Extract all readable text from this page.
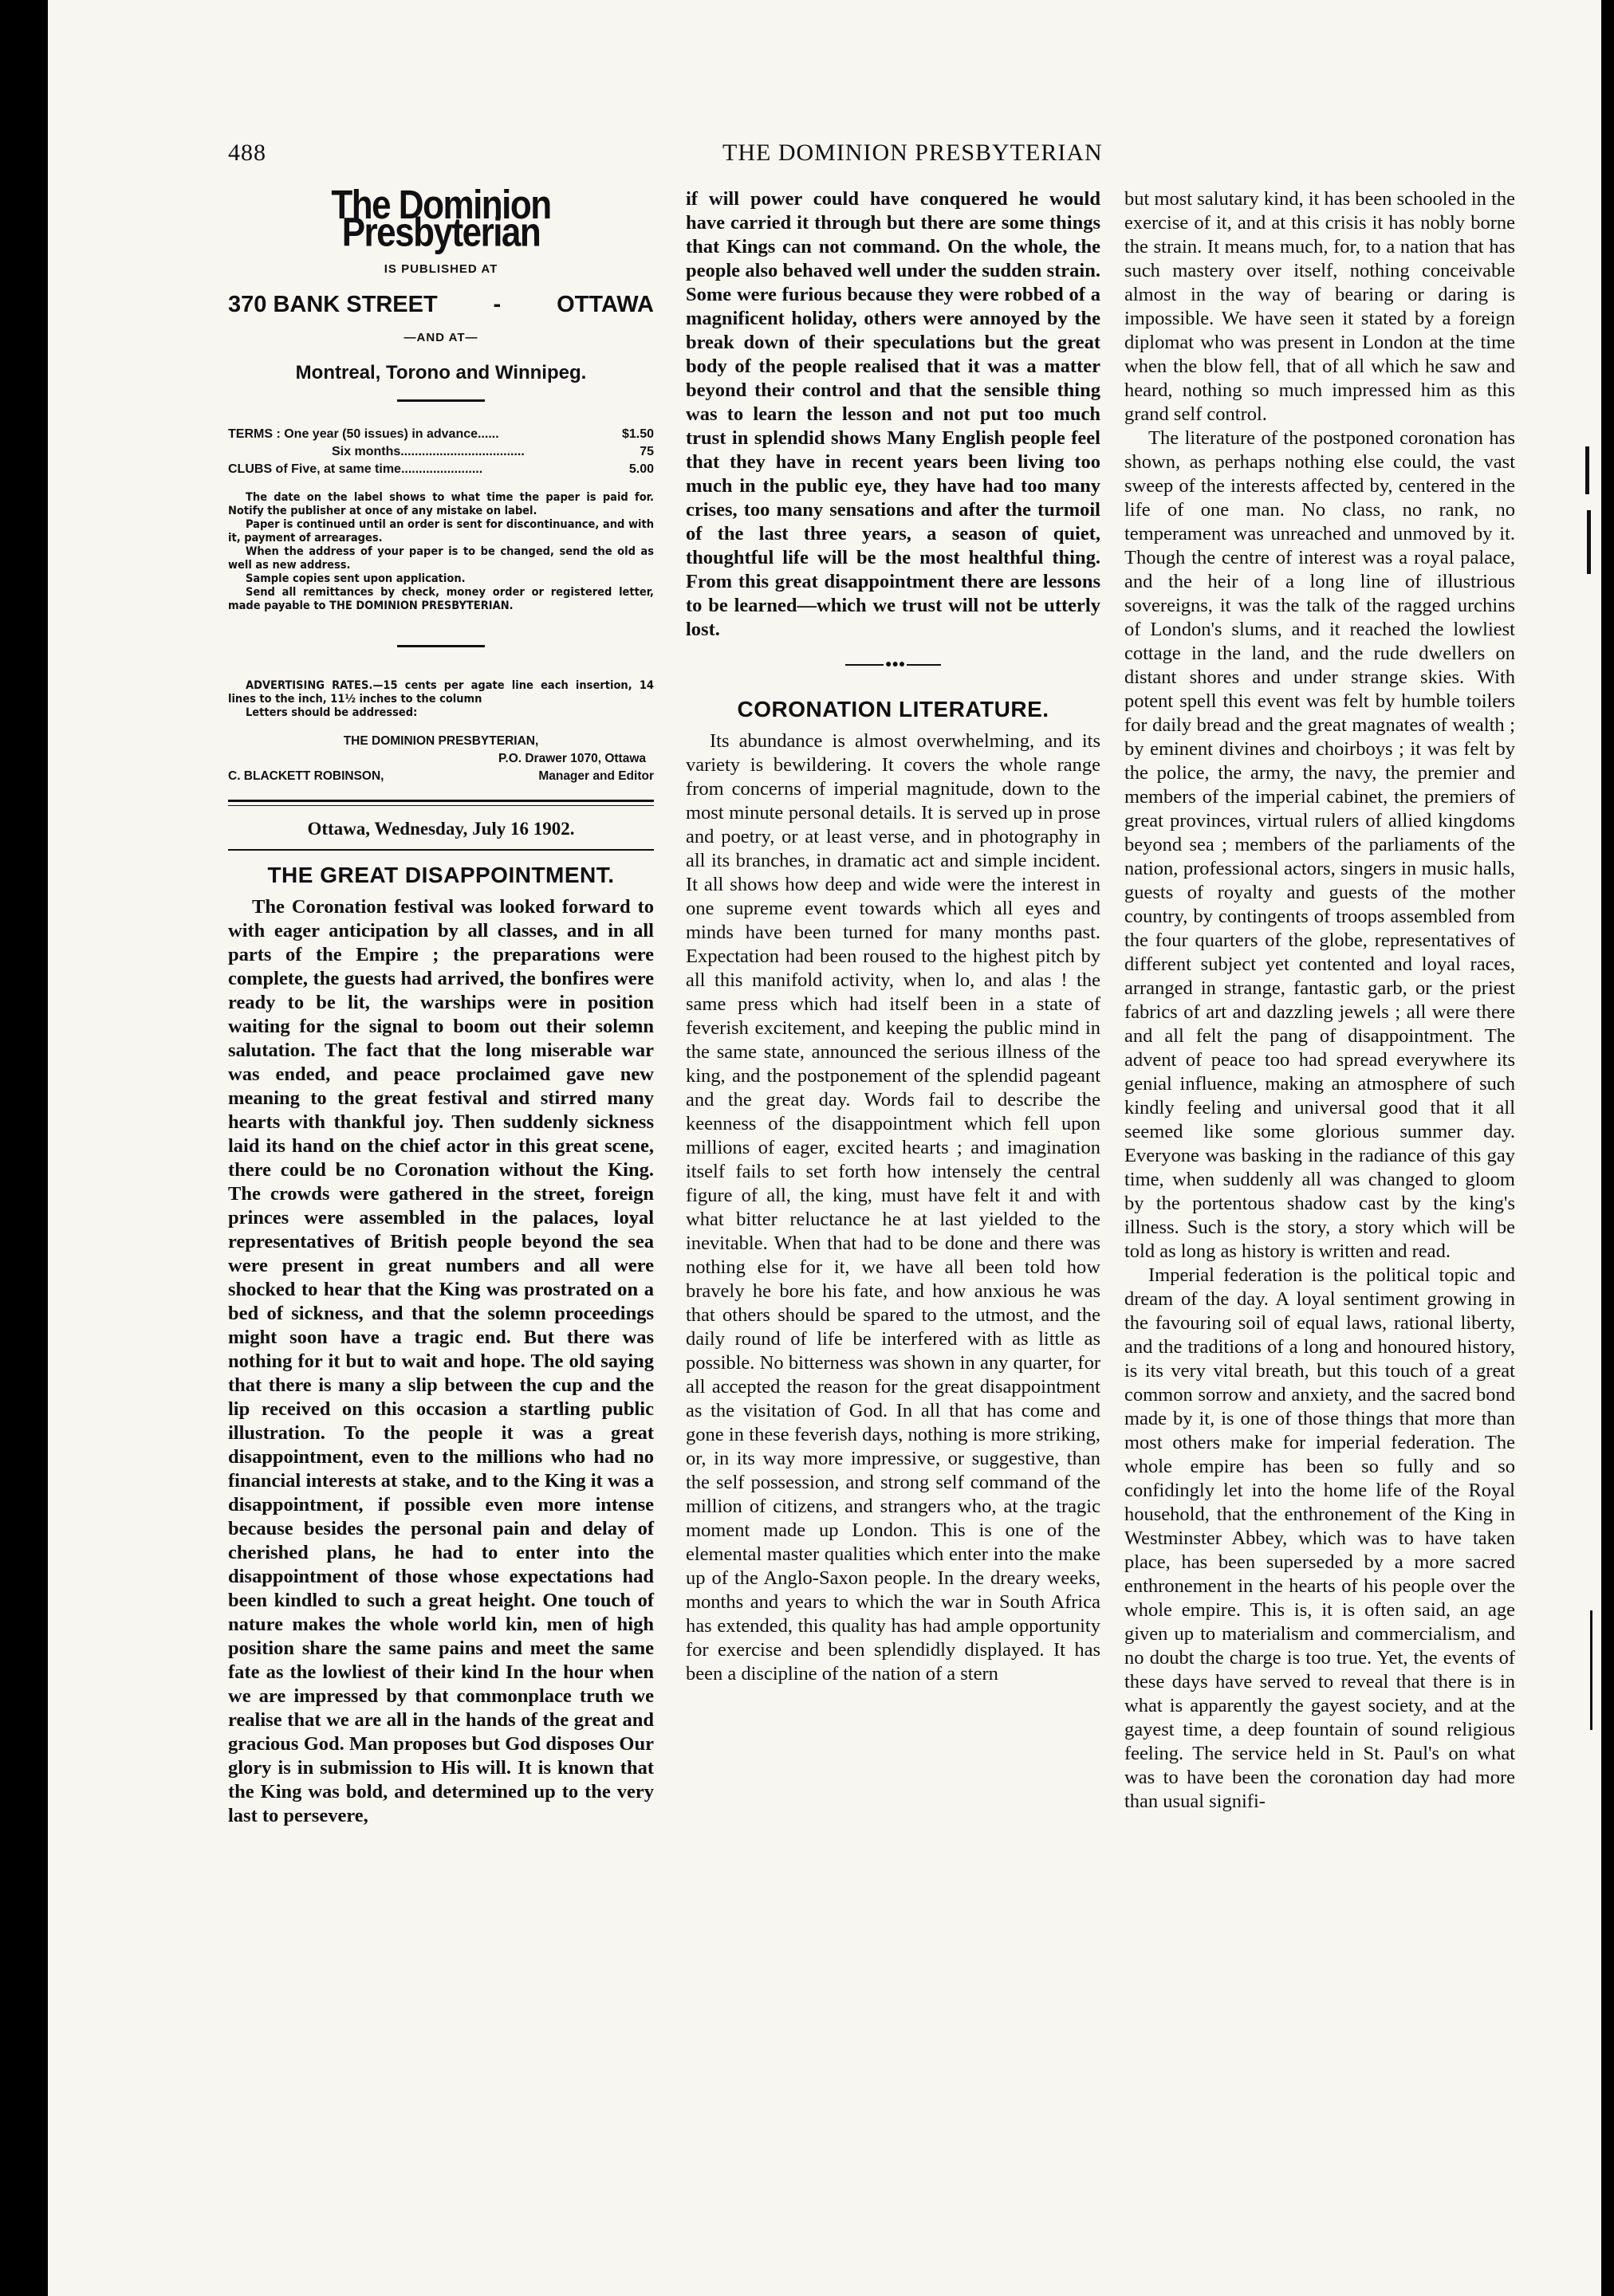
488	THE DOMINION PRESBYTERIAN
The Dominion Presbyterian
IS PUBLISHED AT
370 BANK STREET - OTTAWA
—AND AT—
Montreal, Torono and Winnipeg.
TERMS : One year (50 issues) in advance......	$1.50
Six months...................................	75
CLUBS of Five, at same time.......................	5.00
The date on the label shows to what time the paper is paid for. Notify the publisher at once of any mistake on label.
Paper is continued until an order is sent for discontinuance, and with it, payment of arrearages.
When the address of your paper is to be changed, send the old as well as new address.
Sample copies sent upon application.
Send all remittances by check, money order or registered letter, made payable to THE DOMINION PRESBYTERIAN.
ADVERTISING RATES.—15 cents per agate line each insertion, 14 lines to the inch, 11½ inches to the column
Letters should be addressed:
THE DOMINION PRESBYTERIAN,
P.O. Drawer 1070, Ottawa
C. BLACKETT ROBINSON,	Manager and Editor
Ottawa, Wednesday, July 16 1902.
THE GREAT DISAPPOINTMENT.

The Coronation festival was looked forward to with eager anticipation by all classes, and in all parts of the Empire ; the preparations were complete, the guests had arrived, the bonfires were ready to be lit, the warships were in position waiting for the signal to boom out their solemn salutation. The fact that the long miserable war was ended, and peace proclaimed gave new meaning to the great festival and stirred many hearts with thankful joy. Then suddenly sickness laid its hand on the chief actor in this great scene, there could be no Coronation without the King. The crowds were gathered in the street, foreign princes were assembled in the palaces, loyal representatives of British people beyond the sea were present in great numbers and all were shocked to hear that the King was prostrated on a bed of sickness, and that the solemn proceedings might soon have a tragic end. But there was nothing for it but to wait and hope. The old saying that there is many a slip between the cup and the lip received on this occasion a startling public illustration. To the people it was a great disappointment, even to the millions who had no financial interests at stake, and to the King it was a disappointment, if possible even more intense because besides the personal pain and delay of cherished plans, he had to enter into the disappointment of those whose expectations had been kindled to such a great height. One touch of nature makes the whole world kin, men of high position share the same pains and meet the same fate as the lowliest of their kind In the hour when we are impressed by that commonplace truth we realise that we are all in the hands of the great and gracious God. Man proposes but God disposes Our glory is in submission to His will. It is known that the King was bold, and determined up to the very last to persevere,

if will power could have conquered he would have carried it through but there are some things that Kings can not command. On the whole, the people also behaved well under the sudden strain. Some were furious because they were robbed of a magnificent holiday, others were annoyed by the break down of their speculations but the great body of the people realised that it was a matter beyond their control and that the sensible thing was to learn the lesson and not put too much trust in splendid shows Many English people feel that they have in recent years been living too much in the public eye, they have had too many crises, too many sensations and after the turmoil of the last three years, a season of quiet, thoughtful life will be the most healthful thing. From this great disappointment there are lessons to be learned—which we trust will not be utterly lost.

●●●
CORONATION LITERATURE.

Its abundance is almost overwhelming, and its variety is bewildering. It covers the whole range from concerns of imperial magnitude, down to the most minute personal details. It is served up in prose and poetry, or at least verse, and in photography in all its branches, in dramatic act and simple incident. It all shows how deep and wide were the interest in one supreme event towards which all eyes and minds have been turned for many months past. Expectation had been roused to the highest pitch by all this manifold activity, when lo, and alas ! the same press which had itself been in a state of feverish excitement, and keeping the public mind in the same state, announced the serious illness of the king, and the postponement of the splendid pageant and the great day. Words fail to describe the keenness of the disappointment which fell upon millions of eager, excited hearts ; and imagination itself fails to set forth how intensely the central figure of all, the king, must have felt it and with what bitter reluctance he at last yielded to the inevitable. When that had to be done and there was nothing else for it, we have all been told how bravely he bore his fate, and how anxious he was that others should be spared to the utmost, and the daily round of life be interfered with as little as possible. No bitterness was shown in any quarter, for all accepted the reason for the great disappointment as the visitation of God. In all that has come and gone in these feverish days, nothing is more striking, or, in its way more impressive, or suggestive, than the self possession, and strong self command of the million of citizens, and strangers who, at the tragic moment made up London. This is one of the elemental master qualities which enter into the make up of the Anglo-Saxon people. In the dreary weeks, months and years to which the war in South Africa has extended, this quality has had ample opportunity for exercise and been splendidly displayed. It has been a discipline of the nation of a stern

but most salutary kind, it has been schooled in the exercise of it, and at this crisis it has nobly borne the strain. It means much, for, to a nation that has such mastery over itself, nothing conceivable almost in the way of bearing or daring is impossible. We have seen it stated by a foreign diplomat who was present in London at the time when the blow fell, that of all which he saw and heard, nothing so much impressed him as this grand self control.

The literature of the postponed coronation has shown, as perhaps nothing else could, the vast sweep of the interests affected by, centered in the life of one man. No class, no rank, no temperament was unreached and unmoved by it. Though the centre of interest was a royal palace, and the heir of a long line of illustrious sovereigns, it was the talk of the ragged urchins of London's slums, and it reached the lowliest cottage in the land, and the rude dwellers on distant shores and under strange skies. With potent spell this event was felt by humble toilers for daily bread and the great magnates of wealth ; by eminent divines and choirboys ; it was felt by the police, the army, the navy, the premier and members of the imperial cabinet, the premiers of great provinces, virtual rulers of allied kingdoms beyond sea ; members of the parliaments of the nation, professional actors, singers in music halls, guests of royalty and guests of the mother country, by contingents of troops assembled from the four quarters of the globe, representatives of different subject yet contented and loyal races, arranged in strange, fantastic garb, or the priest fabrics of art and dazzling jewels ; all were there and all felt the pang of disappointment. The advent of peace too had spread everywhere its genial influence, making an atmosphere of such kindly feeling and universal good that it all seemed like some glorious summer day. Everyone was basking in the radiance of this gay time, when suddenly all was changed to gloom by the portentous shadow cast by the king's illness. Such is the story, a story which will be told as long as history is written and read.

Imperial federation is the political topic and dream of the day. A loyal sentiment growing in the favouring soil of equal laws, rational liberty, and the traditions of a long and honoured history, is its very vital breath, but this touch of a great common sorrow and anxiety, and the sacred bond made by it, is one of those things that more than most others make for imperial federation. The whole empire has been so fully and so confidingly let into the home life of the Royal household, that the enthronement of the King in Westminster Abbey, which was to have taken place, has been superseded by a more sacred enthronement in the hearts of his people over the whole empire. This is, it is often said, an age given up to materialism and commercialism, and no doubt the charge is too true. Yet, the events of these days have served to reveal that there is in what is apparently the gayest society, and at the gayest time, a deep fountain of sound religious feeling. The service held in St. Paul's on what was to have been the coronation day had more than usual signifi-
